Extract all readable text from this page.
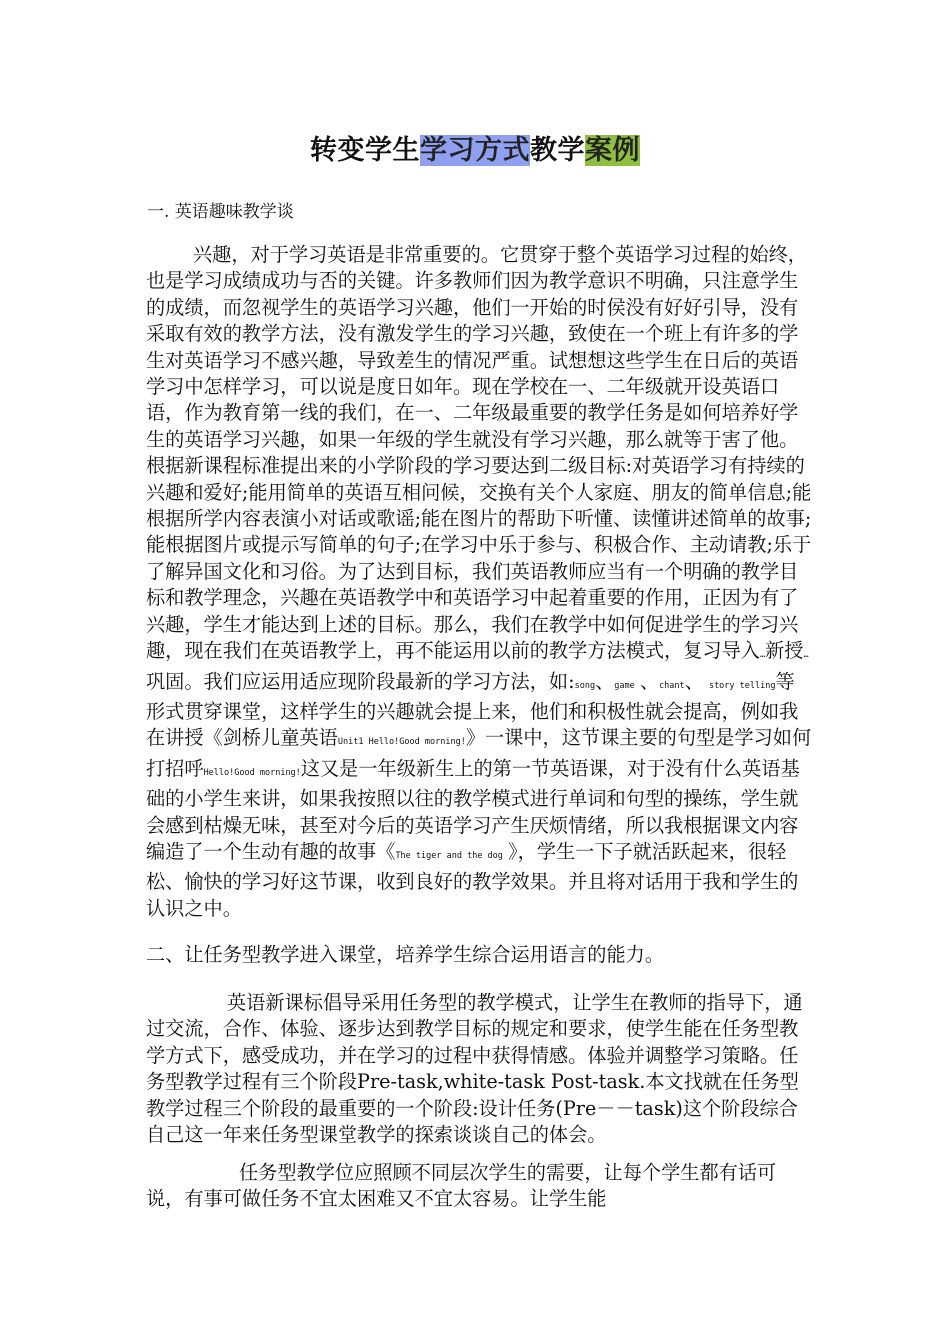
转变学生学习方式教学案例
一. 英语趣味教学谈
兴趣，对于学习英语是非常重要的。它贯穿于整个英语学习过程的始终，也是学习成绩成功与否的关键。许多教师们因为教学意识不明确，只注意学生的成绩，而忽视学生的英语学习兴趣，他们一开始的时侯没有好好引导，没有采取有效的教学方法，没有激发学生的学习兴趣，致使在一个班上有许多的学生对英语学习不感兴趣，导致差生的情况严重。试想想这些学生在日后的英语学习中怎样学习，可以说是度日如年。现在学校在一、二年级就开设英语口语，作为教育第一线的我们，在一、二年级最重要的教学任务是如何培养好学生的英语学习兴趣，如果一年级的学生就没有学习兴趣，那么就等于害了他。根据新课程标准提出来的小学阶段的学习要达到二级目标:对英语学习有持续的兴趣和爱好;能用简单的英语互相问候，交换有关个人家庭、朋友的简单信息;能根据所学内容表演小对话或歌谣;能在图片的帮助下听懂、读懂讲述简单的故事;能根据图片或提示写简单的句子;在学习中乐于参与、积极合作、主动请教;乐于了解异国文化和习俗。为了达到目标，我们英语教师应当有一个明确的教学目标和教学理念，兴趣在英语教学中和英语学习中起着重要的作用，正因为有了兴趣，学生才能达到上述的目标。那么，我们在教学中如何促进学生的学习兴趣，现在我们在英语教学上，再不能运用以前的教学方法模式，复习导入…新授…巩固。我们应运用适应现阶段最新的学习方法，如:song、game 、chant、 story telling等形式贯穿课堂，这样学生的兴趣就会提上来，他们和积极性就会提高，例如我在讲授《剑桥儿童英语Unit1 Hello!Good morning!》一课中，这节课主要的句型是学习如何打招呼Hello!Good morning!这又是一年级新生上的第一节英语课，对于没有什么英语基础的小学生来讲，如果我按照以往的教学模式进行单词和句型的操练，学生就会感到枯燥无味，甚至对今后的英语学习产生厌烦情绪，所以我根据课文内容编造了一个生动有趣的故事《The tiger and the dog 》，学生一下子就活跃起来，很轻松、愉快的学习好这节课，收到良好的教学效果。并且将对话用于我和学生的认识之中。
二、让任务型教学进入课堂，培养学生综合运用语言的能力。
英语新课标倡导采用任务型的教学模式，让学生在教师的指导下，通过交流，合作、体验、逐步达到教学目标的规定和要求，使学生能在任务型教学方式下，感受成功，并在学习的过程中获得情感。体验并调整学习策略。任务型教学过程有三个阶段Pre-task,white-task Post-task.本文找就在任务型教学过程三个阶段的最重要的一个阶段:设计任务(Pre－－task)这个阶段综合自己这一年来任务型课堂教学的探索谈谈自己的体会。
任务型教学位应照顾不同层次学生的需要，让每个学生都有话可说，有事可做任务不宜太困难又不宜太容易。让学生能
